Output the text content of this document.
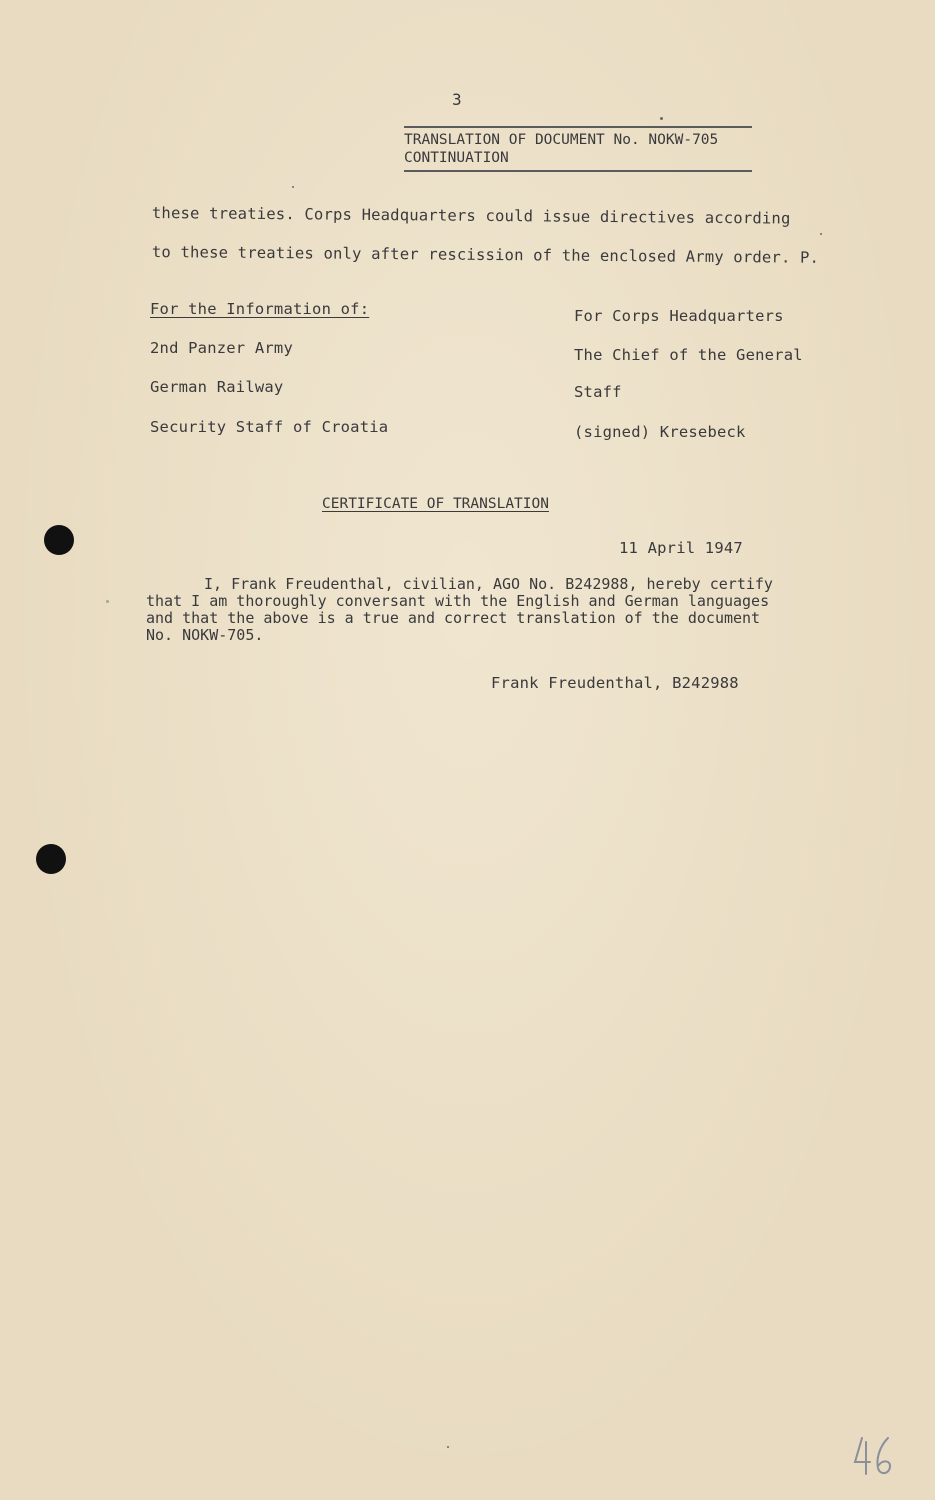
3
TRANSLATION OF DOCUMENT No. NOKW-705
CONTINUATION
these treaties. Corps Headquarters could issue directives according
to these treaties only after rescission of the enclosed Army order. P.
For the Information of:
2nd Panzer Army
German Railway
Security Staff of Croatia
For Corps Headquarters
The Chief of the General
Staff
(signed) Kresebeck
CERTIFICATE OF TRANSLATION
11 April 1947
I, Frank Freudenthal, civilian, AGO No. B242988, hereby certify
that I am thoroughly conversant with the English and German languages
and that the above is a true and correct translation of the document
No. NOKW-705.
Frank Freudenthal, B242988
